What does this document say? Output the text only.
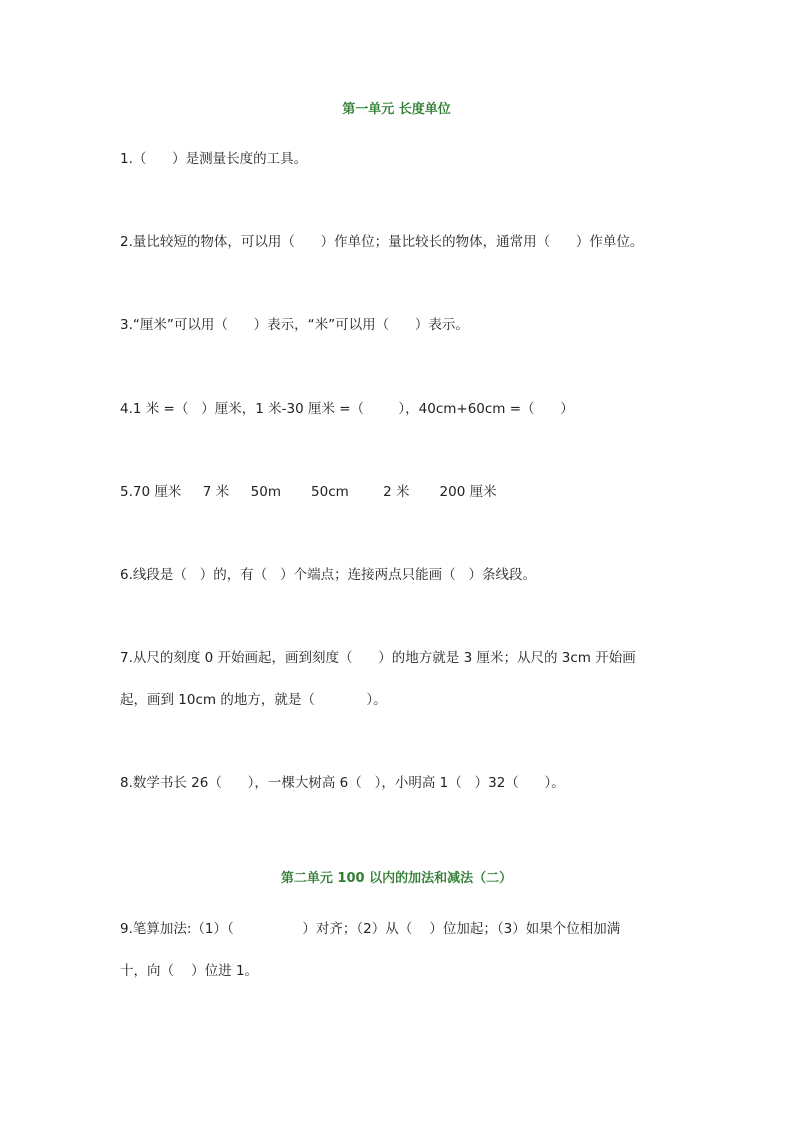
第一单元 长度单位
1.（      ）是测量长度的工具。
2.量比较短的物体，可以用（      ）作单位；量比较长的物体，通常用（      ）作单位。
3.“厘米”可以用（      ）表示，“米”可以用（      ）表示。
4.1 米 =（   ）厘米，1 米-30 厘米 =（        ），40cm+60cm =（      ）
5.70 厘米     7 米     50m       50cm        2 米       200 厘米
6.线段是（   ）的，有（   ）个端点；连接两点只能画（   ）条线段。
7.从尺的刻度 0 开始画起，画到刻度（      ）的地方就是 3 厘米；从尺的 3cm 开始画
起，画到 10cm 的地方，就是（            ）。
8.数学书长 26（      ），一棵大树高 6（   ），小明高 1（   ）32（      ）。
第二单元 100 以内的加法和减法（二）
9.笔算加法:（1）（                ）对齐；（2）从（    ）位加起；（3）如果个位相加满
十，向（    ）位进 1。
